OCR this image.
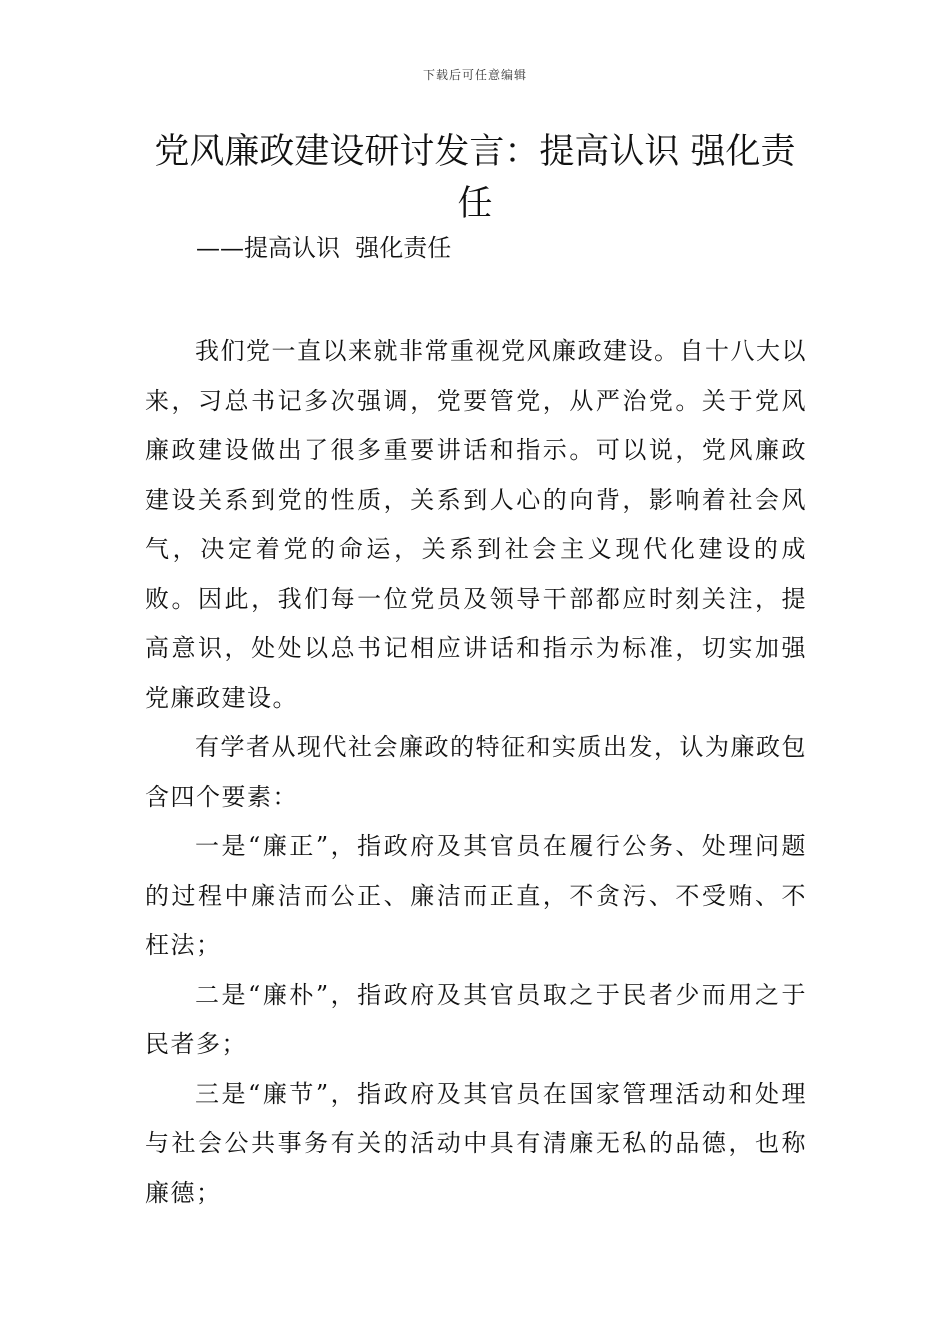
下载后可任意编辑
党风廉政建设研讨发言：提高认识 强化责任
——提高认识  强化责任

我们党一直以来就非常重视党风廉政建设。自十八大以来，习总书记多次强调，党要管党，从严治党。关于党风廉政建设做出了很多重要讲话和指示。可以说，党风廉政建设关系到党的性质，关系到人心的向背，影响着社会风气，决定着党的命运，关系到社会主义现代化建设的成败。因此，我们每一位党员及领导干部都应时刻关注，提高意识，处处以总书记相应讲话和指示为标准，切实加强党廉政建设。

有学者从现代社会廉政的特征和实质出发，认为廉政包含四个要素：

一是“廉正”，指政府及其官员在履行公务、处理问题的过程中廉洁而公正、廉洁而正直，不贪污、不受贿、不枉法；

二是“廉朴”，指政府及其官员取之于民者少而用之于民者多；

三是“廉节”，指政府及其官员在国家管理活动和处理与社会公共事务有关的活动中具有清廉无私的品德，也称廉德；
